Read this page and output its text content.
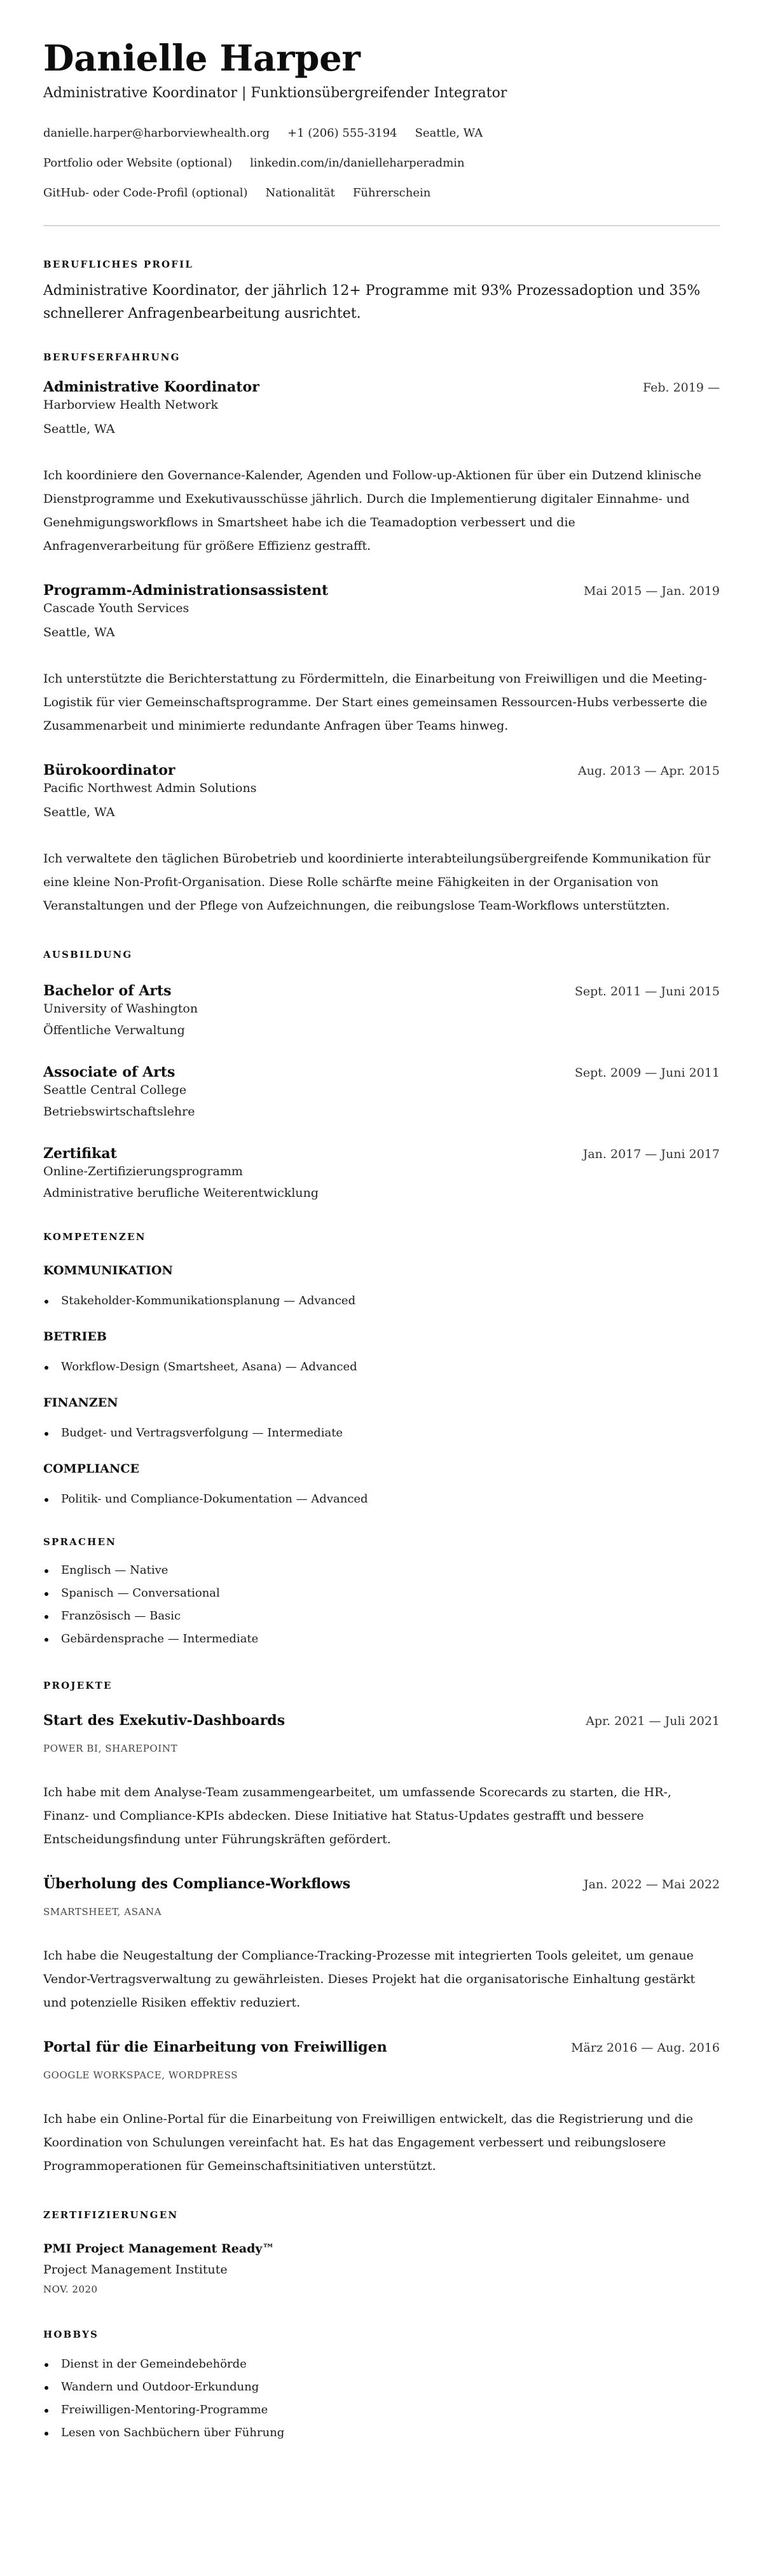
Danielle Harper
Administrative Koordinator | Funktionsübergreifender Integrator
danielle.harper@harborviewhealth.org +1 (206) 555-3194 Seattle, WA
Portfolio oder Website (optional) linkedin.com/in/danielleharperadmin
GitHub- oder Code-Profil (optional) Nationalität Führerschein
BERUFLICHES PROFIL

Administrative Koordinator, der jährlich 12+ Programme mit 93% Prozessadoption und 35% schnellerer Anfragenbearbeitung ausrichtet.

BERUFSERFAHRUNG
Administrative Koordinator	Feb. 2019 —
Harborview Health Network
Seattle, WA

Ich koordiniere den Governance-Kalender, Agenden und Follow-up-Aktionen für über ein Dutzend klinische Dienstprogramme und Exekutivausschüsse jährlich. Durch die Implementierung digitaler Einnahme- und Genehmigungsworkflows in Smartsheet habe ich die Teamadoption verbessert und die Anfragenverarbeitung für größere Effizienz gestrafft.

Programm-Administrationsassistent	Mai 2015 — Jan. 2019
Cascade Youth Services
Seattle, WA

Ich unterstützte die Berichterstattung zu Fördermitteln, die Einarbeitung von Freiwilligen und die Meeting-Logistik für vier Gemeinschaftsprogramme. Der Start eines gemeinsamen Ressourcen-Hubs verbesserte die Zusammenarbeit und minimierte redundante Anfragen über Teams hinweg.

Bürokoordinator	Aug. 2013 — Apr. 2015
Pacific Northwest Admin Solutions
Seattle, WA

Ich verwaltete den täglichen Bürobetrieb und koordinierte interabteilungsübergreifende Kommunikation für eine kleine Non-Profit-Organisation. Diese Rolle schärfte meine Fähigkeiten in der Organisation von Veranstaltungen und der Pflege von Aufzeichnungen, die reibungslose Team-Workflows unterstützten.

AUSBILDUNG
Bachelor of Arts	Sept. 2011 — Juni 2015
University of Washington
Öffentliche Verwaltung
Associate of Arts	Sept. 2009 — Juni 2011
Seattle Central College
Betriebswirtschaftslehre
Zertifikat	Jan. 2017 — Juni 2017
Online-Zertifizierungsprogramm
Administrative berufliche Weiterentwicklung
KOMPETENZEN
KOMMUNIKATION
Stakeholder-Kommunikationsplanung — Advanced
BETRIEB
Workflow-Design (Smartsheet, Asana) — Advanced
FINANZEN
Budget- und Vertragsverfolgung — Intermediate
COMPLIANCE
Politik- und Compliance-Dokumentation — Advanced
SPRACHEN
Englisch — Native
Spanisch — Conversational
Französisch — Basic
Gebärdensprache — Intermediate
PROJEKTE
Start des Exekutiv-Dashboards	Apr. 2021 — Juli 2021
POWER BI, SHAREPOINT

Ich habe mit dem Analyse-Team zusammengearbeitet, um umfassende Scorecards zu starten, die HR-, Finanz- und Compliance-KPIs abdecken. Diese Initiative hat Status-Updates gestrafft und bessere Entscheidungsfindung unter Führungskräften gefördert.

Überholung des Compliance-Workflows	Jan. 2022 — Mai 2022
SMARTSHEET, ASANA

Ich habe die Neugestaltung der Compliance-Tracking-Prozesse mit integrierten Tools geleitet, um genaue Vendor-Vertragsverwaltung zu gewährleisten. Dieses Projekt hat die organisatorische Einhaltung gestärkt und potenzielle Risiken effektiv reduziert.

Portal für die Einarbeitung von Freiwilligen	März 2016 — Aug. 2016
GOOGLE WORKSPACE, WORDPRESS

Ich habe ein Online-Portal für die Einarbeitung von Freiwilligen entwickelt, das die Registrierung und die Koordination von Schulungen vereinfacht hat. Es hat das Engagement verbessert und reibungslosere Programmoperationen für Gemeinschaftsinitiativen unterstützt.

ZERTIFIZIERUNGEN
PMI Project Management Ready™
Project Management Institute
NOV. 2020
HOBBYS
Dienst in der Gemeindebehörde
Wandern und Outdoor-Erkundung
Freiwilligen-Mentoring-Programme
Lesen von Sachbüchern über Führung
